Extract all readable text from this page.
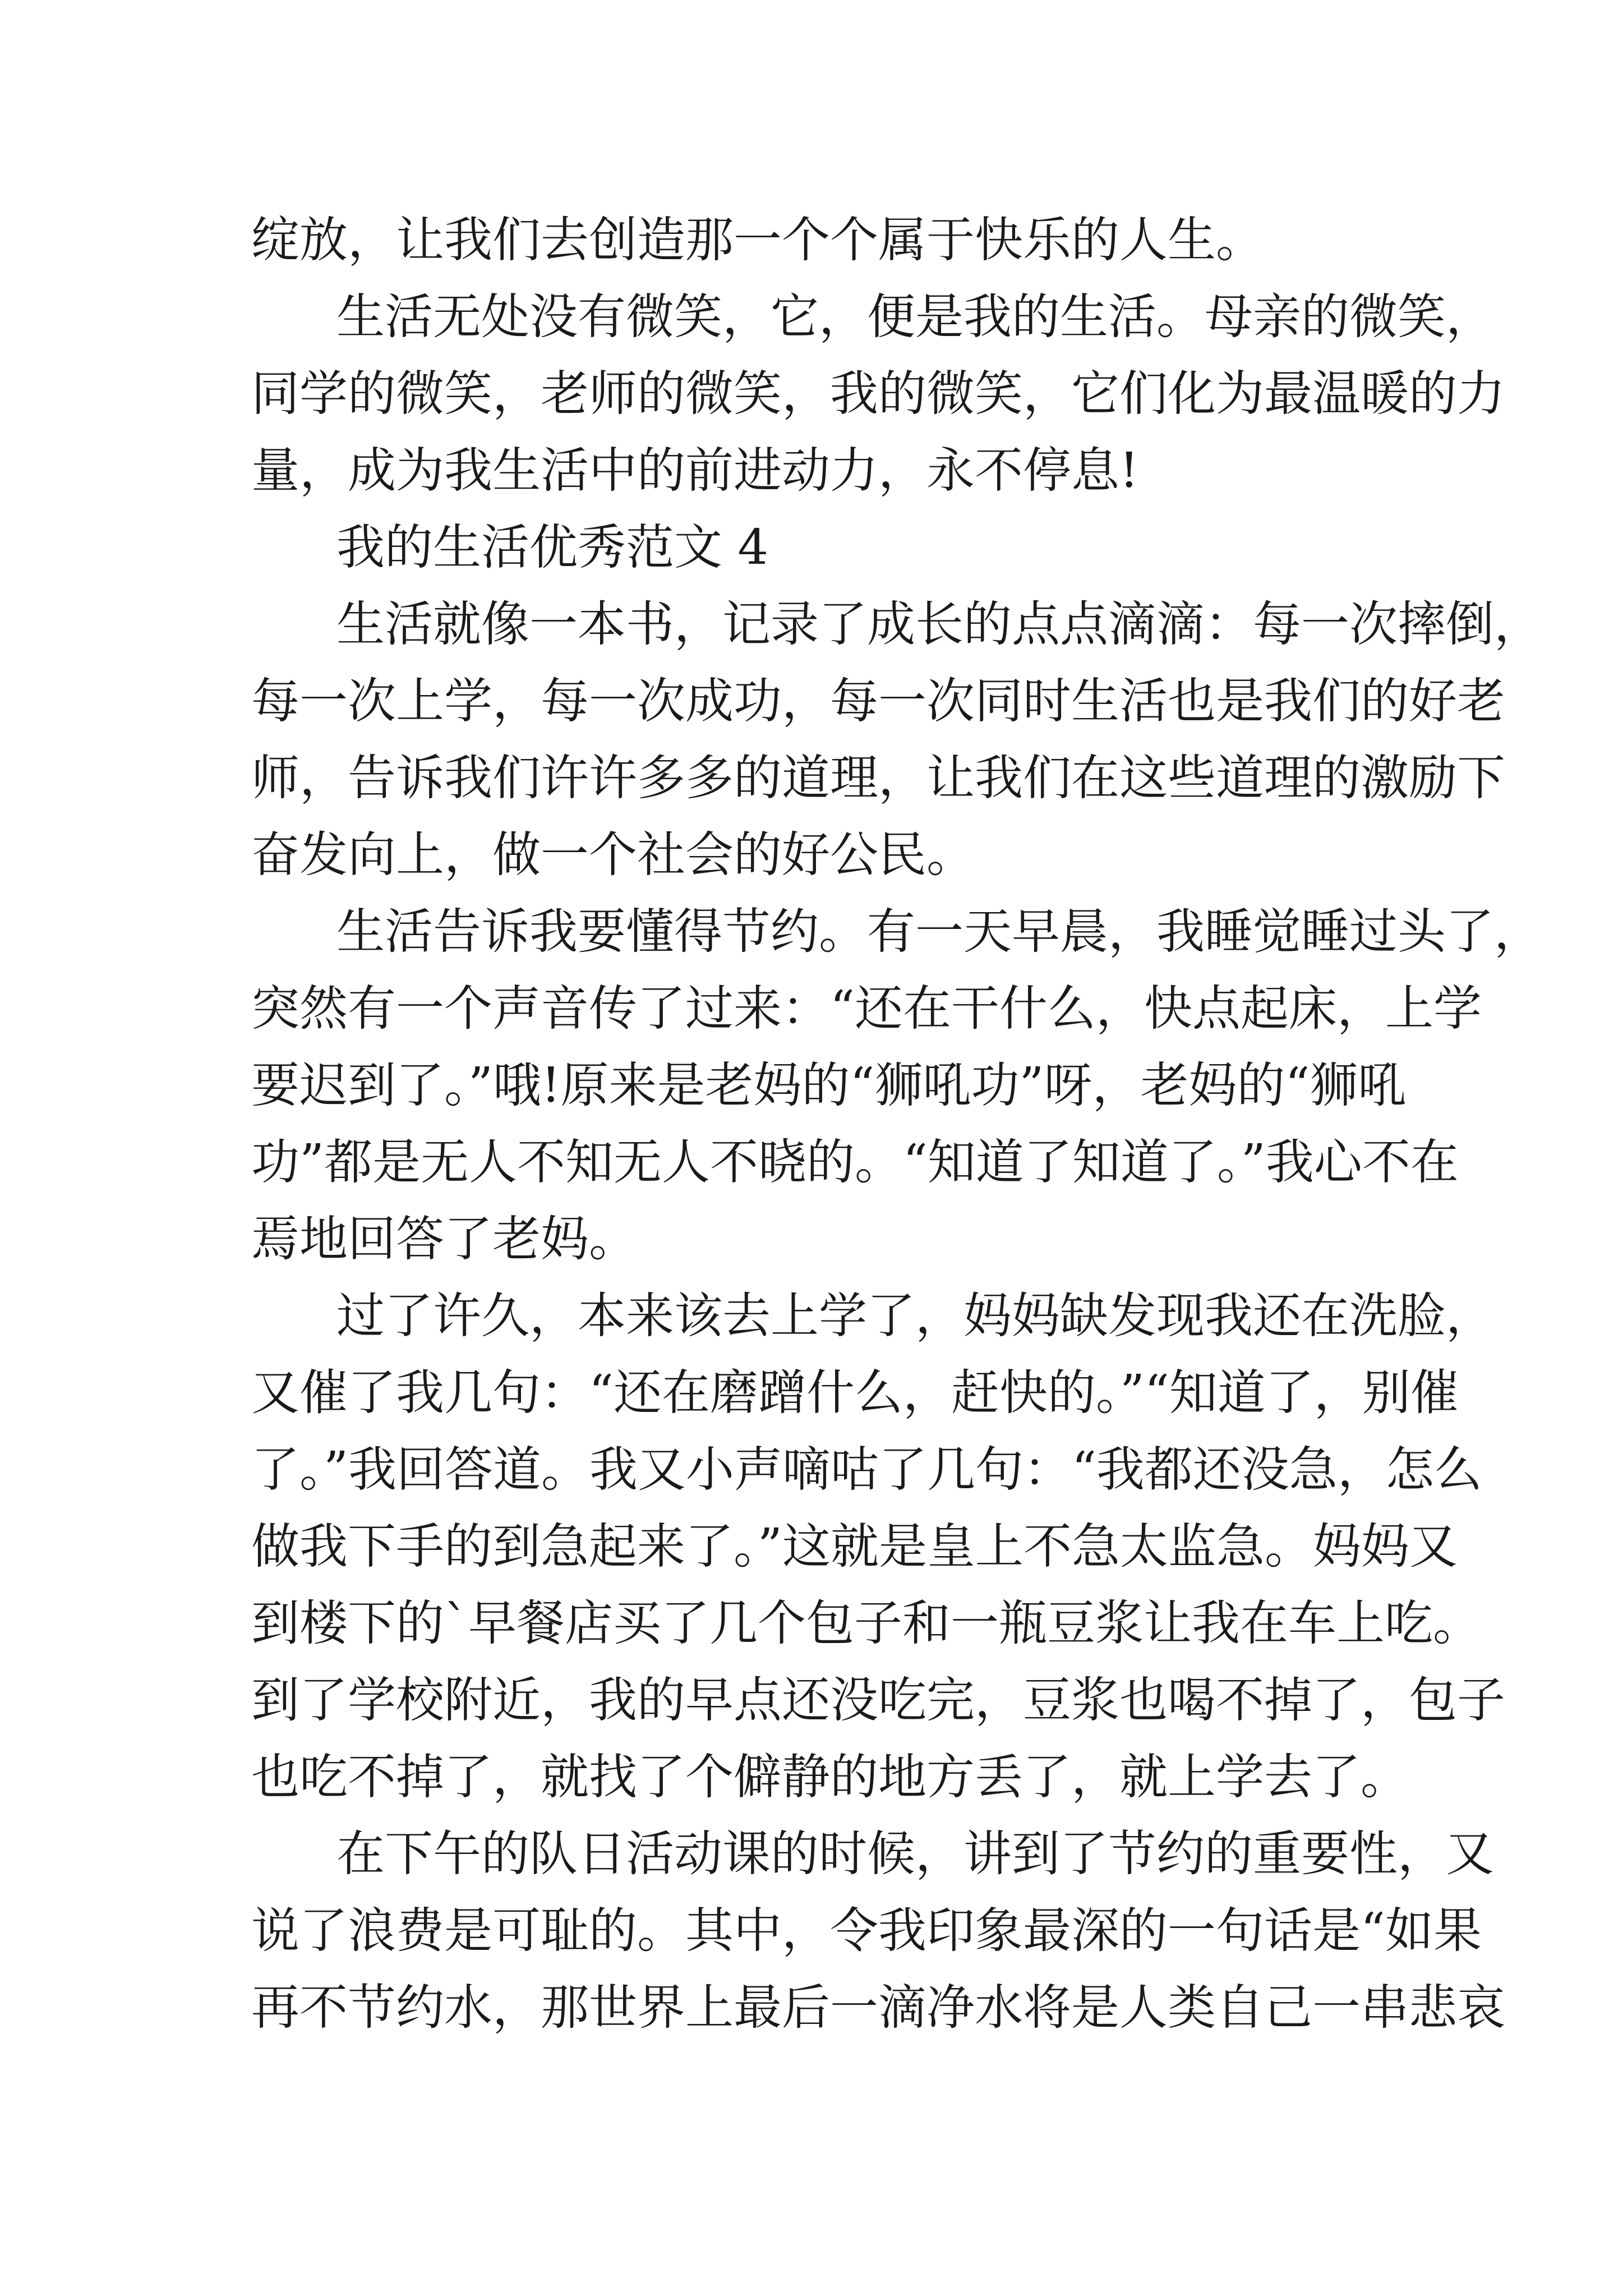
绽放，让我们去创造那一个个属于快乐的人生。
生活无处没有微笑，它，便是我的生活。母亲的微笑，
同学的微笑，老师的微笑，我的微笑，它们化为最温暖的力
量，成为我生活中的前进动力，永不停息!
我的生活优秀范文 4
生活就像一本书，记录了成长的点点滴滴：每一次摔倒，
每一次上学，每一次成功，每一次同时生活也是我们的好老
师，告诉我们许许多多的道理，让我们在这些道理的激励下
奋发向上，做一个社会的好公民。
生活告诉我要懂得节约。有一天早晨，我睡觉睡过头了，
突然有一个声音传了过来：“还在干什么，快点起床，上学
要迟到了。”哦!原来是老妈的“狮吼功”呀，老妈的“狮吼
功”都是无人不知无人不晓的。“知道了知道了。”我心不在
焉地回答了老妈。
过了许久，本来该去上学了，妈妈缺发现我还在洗脸，
又催了我几句：“还在磨蹭什么，赶快的。”“知道了，别催
了。”我回答道。我又小声嘀咕了几句：“我都还没急，怎么
做我下手的到急起来了。”这就是皇上不急太监急。妈妈又
到楼下的`早餐店买了几个包子和一瓶豆浆让我在车上吃。
到了学校附近，我的早点还没吃完，豆浆也喝不掉了，包子
也吃不掉了，就找了个僻静的地方丢了，就上学去了。
在下午的队日活动课的时候，讲到了节约的重要性，又
说了浪费是可耻的。其中，令我印象最深的一句话是“如果
再不节约水，那世界上最后一滴净水将是人类自己一串悲哀
